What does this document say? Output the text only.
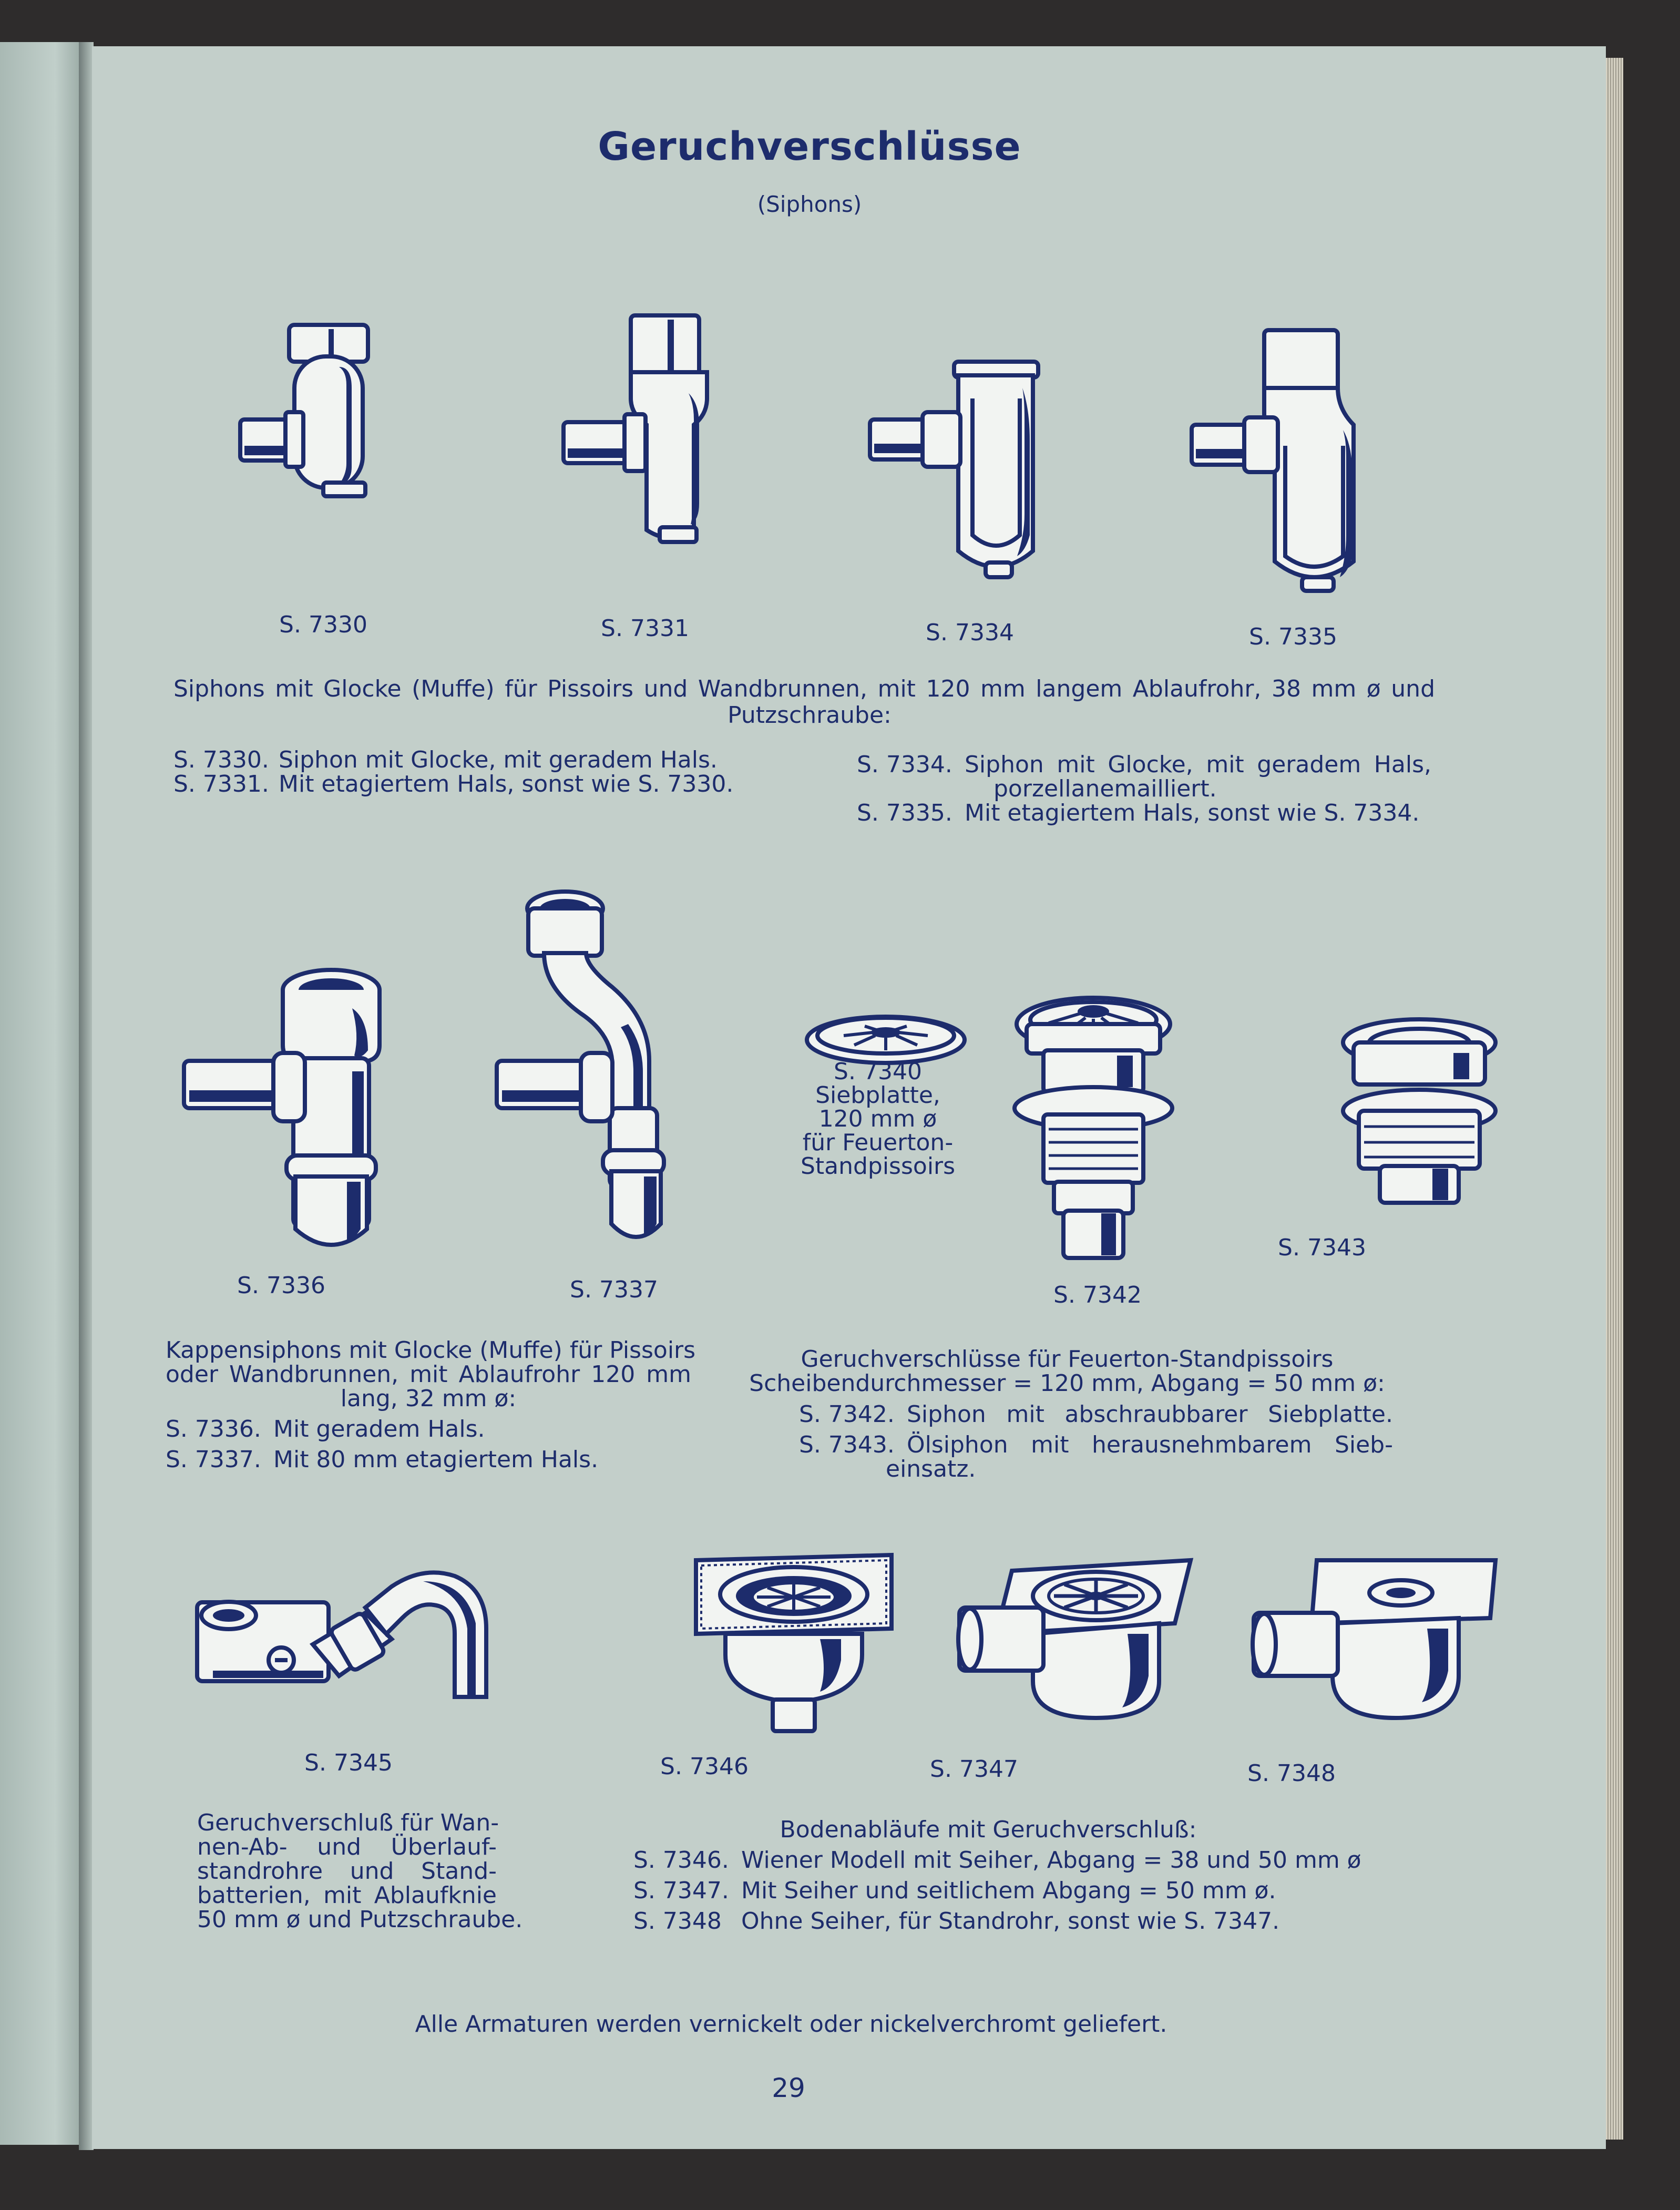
Geruchverschlüsse
(Siphons)
S. 7330	S. 7331	S. 7334	S. 7335
Siphons mit Glocke (Muffe) für Pissoirs und Wandbrunnen, mit 120 mm langem Ablaufrohr, 38 mm ø und
Putzschraube:
S. 7330. Siphon mit Glocke, mit geradem Hals.
S. 7331. Mit etagiertem Hals, sonst wie S. 7330.
S. 7334. Siphon mit Glocke, mit geradem Hals,
porzellanemailliert.
S. 7335. Mit etagiertem Hals, sonst wie S. 7334.
S. 7340
Siebplatte,
120 mm ø
für Feuerton-
Standpissoirs
S. 7336	S. 7337	S. 7342
S. 7343
Kappensiphons mit Glocke (Muffe) für Pissoirs
oder Wandbrunnen, mit Ablaufrohr 120 mm
lang, 32 mm ø:
S. 7336. Mit geradem Hals.
S. 7337. Mit 80 mm etagiertem Hals.
Geruchverschlüsse für Feuerton-Standpissoirs
Scheibendurchmesser = 120 mm, Abgang = 50 mm ø:
S. 7342. Siphon mit abschraubbarer Siebplatte.
S. 7343. Ölsiphon mit herausnehmbarem Sieb-
einsatz.
S. 7345	S. 7346	S. 7347	S. 7348
Geruchverschluß für Wan-
nen-Ab- und Überlauf-
standrohre und Stand-
batterien, mit Ablaufknie
50 mm ø und Putzschraube.
Bodenabläufe mit Geruchverschluß:
S. 7346. Wiener Modell mit Seiher, Abgang = 38 und 50 mm ø
S. 7347. Mit Seiher und seitlichem Abgang = 50 mm ø.
S. 7348 Ohne Seiher, für Standrohr, sonst wie S. 7347.
Alle Armaturen werden vernickelt oder nickelverchromt geliefert.
29
